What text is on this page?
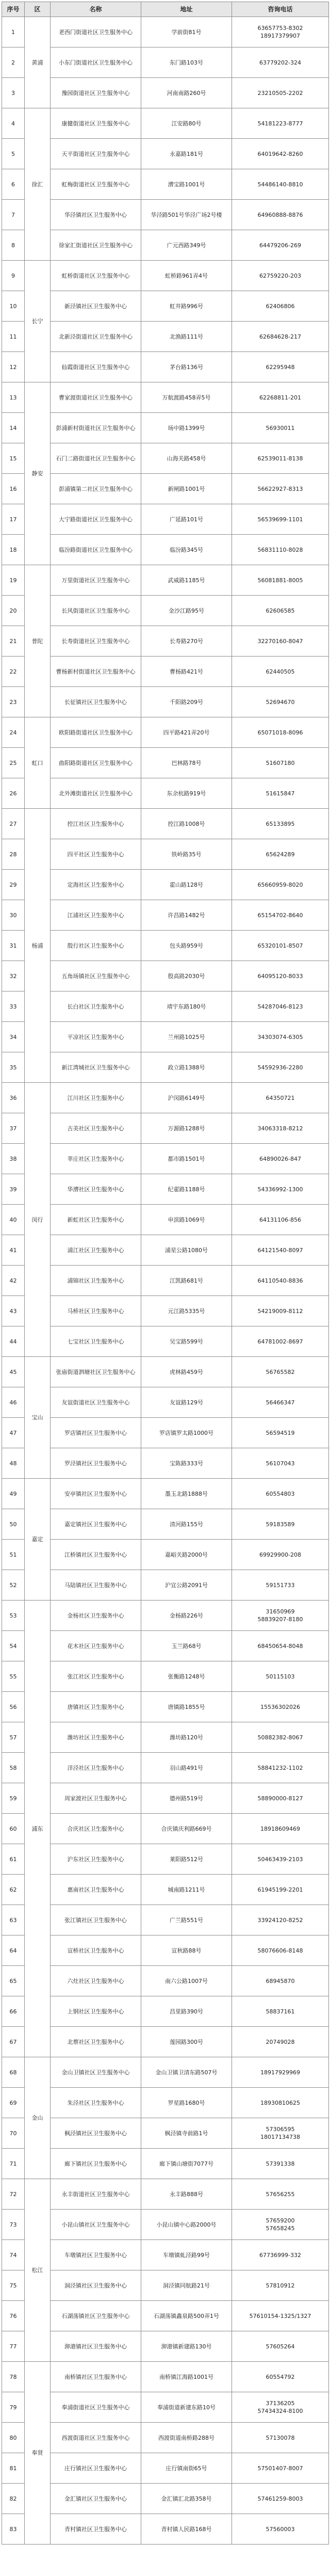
序号	区	名称	地址	咨询电话
1	黄浦	老西门街道社区卫生服务中心	学前街81号	63657753-8302
18917379907
2		小东门街道社区卫生服务中心	东门路103号	63779202-324
3		豫园街道社区卫生服务中心	河南南路260号	23210505-2202
4	徐汇	康健街道社区卫生服务中心	江安路80号	54181223-8777
5		天平街道社区卫生服务中心	永嘉路181号	64019642-8260
6		虹梅街道社区卫生服务中心	漕宝路1001号	54486140-8810
7		华泾镇社区卫生服务中心	华泾路501号华泾广场2号楼	64960888-8876
8		徐家汇街道社区卫生服务中心	广元西路349号	64479206-269
9	长宁	虹桥街道社区卫生服务中心	虹桥路961弄4号	62759220-203
10		新泾镇社区卫生服务中心	虹井路996号	62406806
11		北新泾街道社区卫生服务中心	北渔路111号	62684628-217
12		仙霞街道社区卫生服务中心	茅台路136号	62295948
13	静安	曹家渡街道社区卫生服务中心	万航渡路458弄5号	62268811-201
14		彭浦新村街道社区卫生服务中心	场中路1399号	56930011
15		石门二路街道社区卫生服务中心	山海关路458号	62539011-8138
16		彭浦镇第二社区卫生服务中心	新闸路1001号	56622927-8313
17		大宁路街道社区卫生服务中心	广延路101号	56539699-1101
18		临汾路街道社区卫生服务中心	临汾路345号	56831110-8028
19	普陀	万里街道社区卫生服务中心	武威路1185号	56081881-8005
20		长风街道社区卫生服务中心	金沙江路95号	62606585
21		长寿街道社区卫生服务中心	长寿路270号	32270160-8047
22		曹杨新村街道社区卫生服务中心	曹杨路421号	62440505
23		长征镇社区卫生服务中心	千阳路209号	52694670
24	虹口	欧阳路街道社区卫生服务中心	四平路421弄20号	65071018-8096
25		曲阳路街道社区卫生服务中心	巴林路78号	51607180
26		北外滩街道社区卫生服务中心	东余杭路919号	51615847
27	杨浦	控江社区卫生服务中心	控江路1008号	65133895
28		四平社区卫生服务中心	铁岭路35号	65624289
29		定海社区卫生服务中心	霍山路128号	65660959-8020
30		江浦社区卫生服务中心	许昌路1482号	65154702-8640
31		殷行社区卫生服务中心	包头路959号	65320101-8507
32		五角场镇社区卫生服务中心	殷高路2030号	64095120-8033
33		长白社区卫生服务中心	靖宇东路180号	54287046-8123
34		平凉社区卫生服务中心	兰州路1025号	34303074-6305
35		新江湾城社区卫生服务中心	政立路1388号	54592936-2280
36	闵行	江川社区卫生服务中心	沪闵路6149号	64350721
37		古美社区卫生服务中心	万源路1288号	34063318-8212
38		莘庄社区卫生服务中心	都市路1501号	64890026-847
39		华漕社区卫生服务中心	纪翟路1188号	54336992-1300
40		新虹社区卫生服务中心	申滨路1069号	64131106-856
41		浦江社区卫生服务中心	浦星公路1080号	64121540-8097
42		浦锦社区卫生服务中心	江凯路681号	64110540-8836
43		马桥社区卫生服务中心	元江路5335号	54219009-8112
44		七宝社区卫生服务中心	吴宝路599号	64781002-8697
45	宝山	张庙街道泗塘社区卫生服务中心	虎林路459号	56765582
46		友谊街道社区卫生服务中心	友谊路129号	56466347
47		罗店镇社区卫生服务中心	罗店镇罗太路1000号	56594519
48		罗泾镇社区卫生服务中心	宝陈路333号	56107043
49	嘉定	安亭镇社区卫生服务中心	墨玉北路1888号	60554803
50		嘉定镇社区卫生服务中心	清河路155号	59183589
51		江桥镇社区卫生服务中心	嘉峪关路2000号	69929900-208
52		马陆镇社区卫生服务中心	沪宜公路2091号	59151733
53	浦东	金杨社区卫生服务中心	金杨路226号	31650969
58839207-8180
54		花木社区卫生服务中心	玉兰路68号	68450654-8048
55		张江社区卫生服务中心	张衡路1248号	50115103
56		唐镇社区卫生服务中心	唐镇路1855号	15536302026
57		潍坊社区卫生服务中心	潍坊路120号	50882382-8067
58		洋泾社区卫生服务中心	羽山路491号	58841232-1102
59		周家渡社区卫生服务中心	德州路519号	58890000-8127
60		合庆社区卫生服务中心	合庆镇庆利路669号	18918609469
61		沪东社区卫生服务中心	莱阳路512号	50463439-2103
62		惠南社区卫生服务中心	城南路1211号	61945199-2201
63		张江镇社区卫生服务中心	广兰路551号	33924120-8252
64		宣桥社区卫生服务中心	宣秋路88号	58076606-8148
65		六灶社区卫生服务中心	南六公路1007号	68945870
66		上钢社区卫生服务中心	昌里路390号	58837161
67		北蔡社区卫生服务中心	莲园路300号	20749028
68	金山	金山卫镇社区卫生服务中心	金山卫镇卫清东路507号	18917929969
69		朱泾社区卫生服务中心	罗星路1680号	18930810625
70		枫泾镇社区卫生服务中心	枫泾镇寺前路1号	57306595
18017134738
71		廊下镇社区卫生服务中心	廊下镇山塘街7077号	57391338
72	松江	永丰街道社区卫生服务中心	永丰路888号	57656255
73		小昆山镇社区卫生服务中心	小昆山镇中心路2000号	57659200
57658245
74		车墩镇社区卫生服务中心	车墩镇虬泾路99号	67736999-332
75		洞泾镇社区卫生服务中心	洞泾镇同航路21号	57810912
76		石湖荡镇社区卫生服务中心	石湖荡镇鑫泉路500弄1号	57610154-1325/1327
77		泖港镇社区卫生服务中心	泖港镇新建路130号	57605264
78	奉贤	南桥镇社区卫生服务中心	南桥镇江海路1001号	60554792
79		奉浦街道社区卫生服务中心	奉浦街道新建东路10号	37136205
57434324-8100
80		西渡街道社区卫生服务中心	西渡街道南桥路288号	57130078
81		庄行镇社区卫生服务中心	庄行镇南街65号	57501407-8007
82		金汇镇社区卫生服务中心	金汇镇汇北路358号	57461259-8003
83		青村镇社区卫生服务中心	青村镇人民路168号	57560003
